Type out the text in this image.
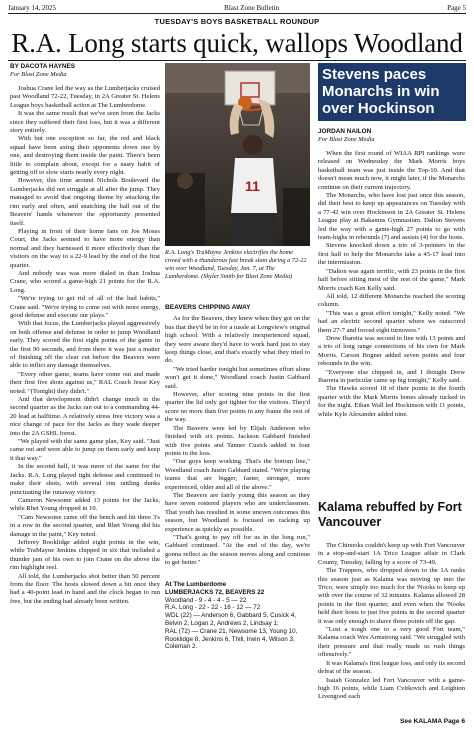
January 14, 2025	Blast Zone Bulletin	Page 5
TUESDAY'S BOYS BASKETBALL ROUNDUP
R.A. Long starts quick, wallops Woodland
BY DACOTA HAYNES
For Blast Zone Media

Joshua Crane led the way as the Lumberjacks cruised past Woodland 72-22, Tuesday, in 2A Greater St. Helens League boys basketball action at The Lumberdome.

It was the same result that we've seen from the Jacks since they suffered their first loss, but it was a different story entirely.

With but one exception so far, the red and black squad have been axing their opponents down one by one, and destroying them inside the paint. There's been little to complain about, except for a nasty habit of getting off to slow starts nearly every night.

However, this time around Nichols Boulevard the Lumberjacks did not struggle at all after the jump. They managed to avoid that ongoing theme by attacking the rim early and often, and snatching the ball out of the Beavers' hands whenever the opportunity presented itself.

Playing in front of their home fans on Joe Moses Court, the Jacks seemed to have more energy than normal and they harnessed it more effectively than the visitors on the way to a 22-9 lead by the end of the first quarter.

And nobody was was more dialed in than Joshua Crane, who scored a game-high 21 points for the R.A. Long.

"We're trying to get rid of all of the bad habits," Crane said. "We're trying to come out with more energy, good defense and execute our plays."

With that focus, the Lumberjacks played aggressively on both offense and defense in order to jump Woodland early. They scored the first eight points of the game in the first 90 seconds, and from there it was just a matter of finishing off the clear cut before the Beavers were able to inflict any damage themselves.

"Every other game, teams have come out and made their first five shots against us," RAL Coach Jesse Key noted. "(Tonight) they didn't."

And that development didn't change much in the second quarter as the Jacks ran out to a commanding 44-20 lead at halftime. A relatively stress free victory was a nice change of pace for the Jacks as they wade deeper into the 2A GSHL forest.

"We played with the same game plan, Key said. "Just came out and were able to jump on them early and keep it that way."

In the second half, it was more of the same for the Jacks. R.A. Long played tight defense and continued to make their shots, with several rim rattling dunks punctuating the runaway victory.

Cameron Newsome added 13 points for the Jacks, while Rhet Young dropped in 10.

"Cam Newsome came off the bench and hit three 3's in a row in the second quarter, and Rhet Young did his damage in the paint," Key noted.

Jefferey Rooklidge added eight points in the win, while TraMayne Jenkins chipped in six that included a thunder jam of his own to join Crane on the above the rim highlight reel.

All told, the Lumberjacks shot better than 50 percent from the floor. The hosts slowed down a bit once they had a 40-point lead in hand and the clock began to run free, but the ending had already been written.

11
R.A. Long's TraMayne Jenkins electrifies the home crowd with a thunderous fast break slam during a 72-22 win over Woodland, Tuesday, Jan. 7, at The Lumberdome. (Skyler Smith for Blast Zone Media)
BEAVERS CHIPPING AWAY

As for the Beavers, they knew when they got on the bus that they'd be in for a tussle at Longview's original high school. With a relatively inexperienced squad, they were aware they'd have to work hard just to stay keep things close, and that's exactly what they tried to do.

"We tried harder tonight but sometimes effort alone won't get it done," Woodland coach Justin Gabbard said.

However, after scoring nine points in the first quarter the lid only got tighter for the visitors. They'd score no more than five points in any frame the rest of the way.

The Beavers were led by Elijah Anderson who finished with six points. Jackson Gabbard finished with five points and Tanner Cusick added in four points in the loss.

"Our guys keep working. That's the bottom line," Woodland coach Justin Gabbard stated. "We're playing teams that are bigger, faster, stronger, more experienced, older and all of the above."

The Beavers are fairly young this season as they have seven rostered players who are underclassmen. That youth has resulted in some uneven outcomes this season, but Woodland is focused on racking up experience as quickly as possible.

"That's going to pay off for us in the long run," Gabbard continued. "At the end of the day, we're gonna reflect as the season moves along and continue to get better."

At The Lumberdome
LUMBERJACKS 72, BEAVERS 22
Woodland - 9 - 4 - 4 - 5 — 22
R.A. Long - 22 - 22 - 16 - 12 — 72
WDL (22) — Anderson 6, Gabbard 5, Cusick 4, Belvin 2, Logan 2, Andrews 2, Lindsay 1;
RAL (72) — Crane 21, Newsome 13, Young 10, Rooklidge 8, Jenkins 6, Thill, Irwin 4, Wilson 3, Coleman 2.
Stevens paces Monarchs in win over Hockinson
JORDAN NAILON
For Blast Zone Media

When the first round of WIAA RPI rankings were released on Wednesday the Mark Morris boys basketball team was just inside the Top-10. And that doesn't mean much now, it might later, if the Monarchs continue on their current trajectory.

The Monarchs, who have lost just once this season, did their best to keep up appearances on Tuesday with a 77-42 win over Hockinson in 2A Greater St. Helens League play at Bakamus Gymnasium. Dalton Stevens led the way with a game-high 27 points to go with team-highs in rebounds (7) and assists (4) for the hosts.

Stevens knocked down a trio of 3-pointers in the first half to help the Monarchs take a 45-17 lead into the intermission.

"Dalton was again terrific, with 23 points in the first half before sitting most of the rest of the game," Mark Morris coach Ken Kelly said.

All told, 12 different Monarchs reached the scoring column.

"This was a great effort tonight," Kelly noted. "We had an electric second quarter where we outscored them 27-7 and forced eight turnovers."

Drew Ibaretta was second in line with 13 points and a trio of long range connections of his own for Mark Morris. Carson Bogner added seven points and four rebounds in the win.

"Everyone else chipped in, and I thought Drew Ibarreta in particular came up big tonight," Kelly said.

The Hawks scored 18 of their points in the fourth quarter with the Mark Morris bones already tucked in for the night. Ethan Wall led Hockinson with 11 points, while Kyle Alexander added nine.

Kalama rebuffed by Fort Vancouver

The Chinooks couldn't keep up with Fort Vancouver in a stop-and-start 1A Trico League affair in Clark County, Tuesday, falling by a score of 73-49.

The Trappers, who dropped down to the 1A ranks this season just as Kalama was moving up into the Trico, were simply too much for the 'Nooks to keep up with over the course of 32 minutes. Kalama allowed 28 points in the first quarter, and even when the 'Nooks held their hosts to just five points in the second quarter it was only enough to shave three points off the gap.

"Lost a tough one to a very good Fort team," Kalama coach Wes Armstrong said. "We struggled with their pressure and that really made us rush things offensively."

It was Kalama's first league loss, and only its second defeat of the season.

Isaiah Gonzalez led Fort Vancouver with a game-high 16 points, while Liam Cvitkovich and Leighton Livengood each

See KALAMA Page 6
